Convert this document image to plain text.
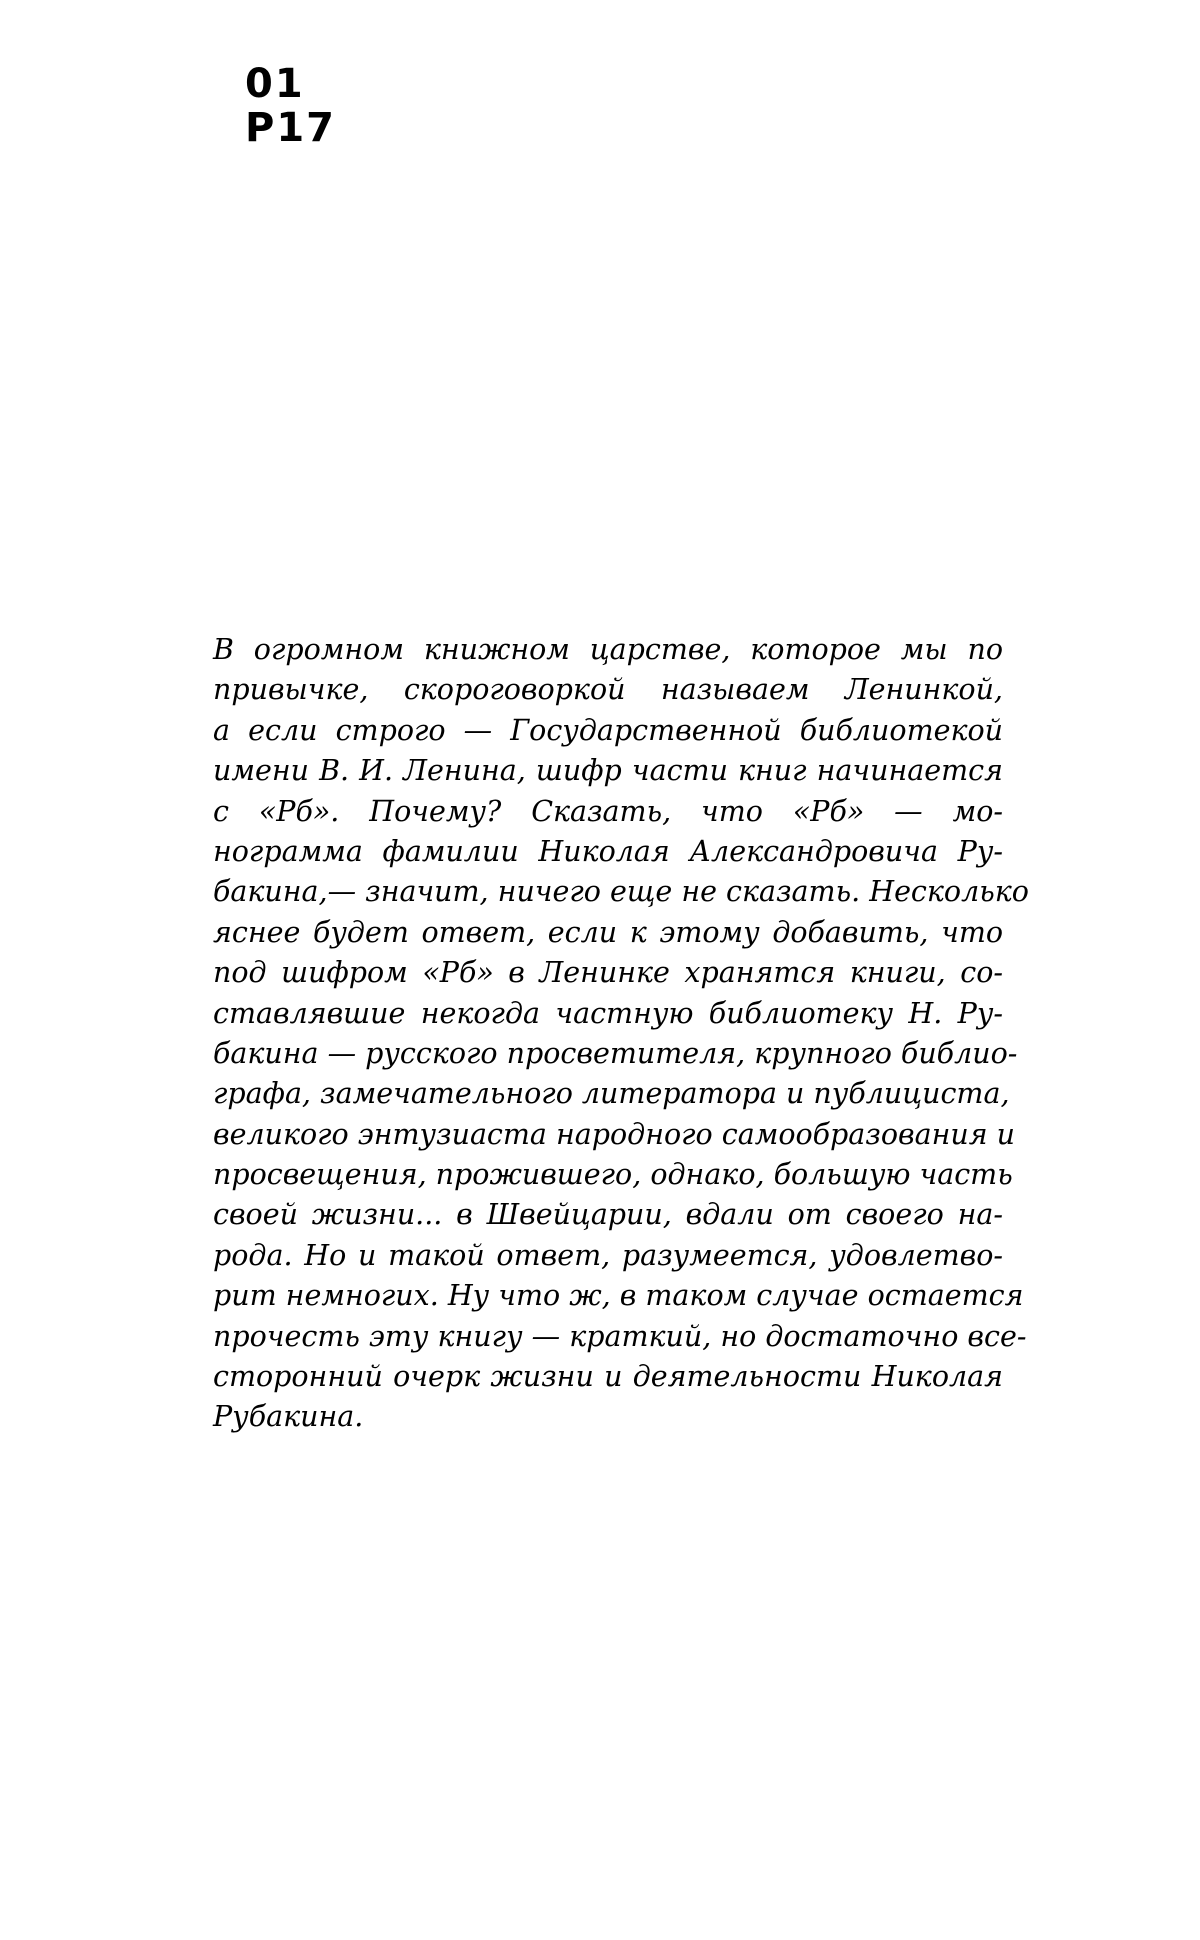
01
Р17
В огромном книжном царстве, которое мы по
привычке, скороговоркой называем Ленинкой,
а если строго — Государственной библиотекой
имени В. И. Ленина, шифр части книг начинается
с «Рб». Почему? Сказать, что «Рб» — мо-
нограмма фамилии Николая Александровича Ру-
бакина,— значит, ничего еще не сказать. Несколько
яснее будет ответ, если к этому добавить, что
под шифром «Рб» в Ленинке хранятся книги, со-
ставлявшие некогда частную библиотеку Н. Ру-
бакина — русского просветителя, крупного библио-
графа, замечательного литератора и публициста,
великого энтузиаста народного самообразования и
просвещения, прожившего, однако, большую часть
своей жизни... в Швейцарии, вдали от своего на-
рода. Но и такой ответ, разумеется, удовлетво-
рит немногих. Ну что ж, в таком случае остается
прочесть эту книгу — краткий, но достаточно все-
сторонний очерк жизни и деятельности Николая
Рубакина.
